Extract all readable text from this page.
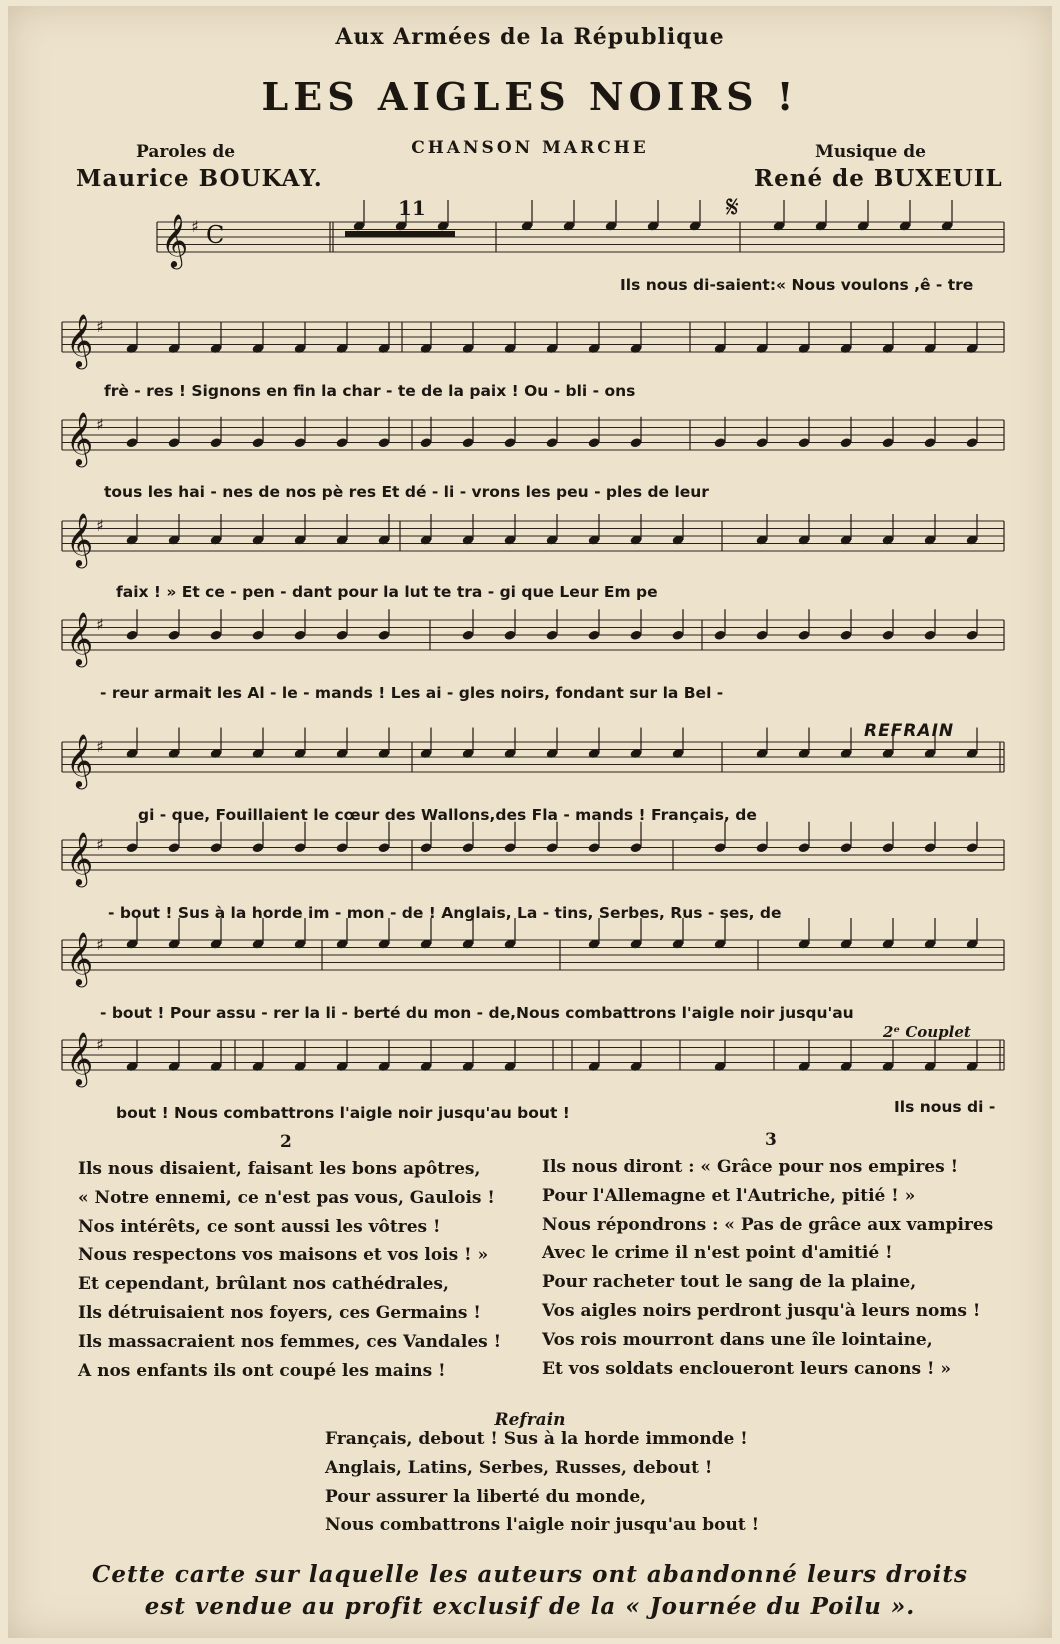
Aux Armées de la République
LES AIGLES NOIRS !
Paroles de
Maurice BOUKAY.
CHANSON MARCHE	Musique de
René de BUXEUIL
𝄞 ♯
𝄞 ♯
𝄞 ♯
𝄞 ♯
𝄞 ♯
𝄞 ♯
𝄞 ♯
𝄞 ♯
𝄞 ♯
C
11	𝄋
REFRAIN
2ᵉ Couplet
Ils nous di-saient:« Nous voulons ,ê - tre
frè - res ! Signons en fin la char - te de la paix ! Ou - bli - ons
tous les hai - nes de nos pè res Et dé - li - vrons les peu - ples de leur
faix ! » Et ce - pen - dant pour la lut te tra - gi que Leur Em pe
- reur armait les Al - le - mands ! Les ai - gles noirs, fondant sur la Bel -
gi - que, Fouillaient le cœur des Wallons,des Fla - mands ! Français, de
- bout ! Sus à la horde im - mon - de ! Anglais, La - tins, Serbes, Rus - ses, de
- bout ! Pour assu - rer la li - berté du mon - de,Nous combattrons l'aigle noir jusqu'au
bout ! Nous combattrons l'aigle noir jusqu'au bout !	Ils nous di -
2	3
Ils nous disaient, faisant les bons apôtres,
« Notre ennemi, ce n'est pas vous, Gaulois !
Nos intérêts, ce sont aussi les vôtres !
Nous respectons vos maisons et vos lois ! »
Et cependant, brûlant nos cathédrales,
Ils détruisaient nos foyers, ces Germains !
Ils massacraient nos femmes, ces Vandales !
A nos enfants ils ont coupé les mains !
Ils nous diront : « Grâce pour nos empires !
Pour l'Allemagne et l'Autriche, pitié ! »
Nous répondrons : « Pas de grâce aux vampires
Avec le crime il n'est point d'amitié !
Pour racheter tout le sang de la plaine,
Vos aigles noirs perdront jusqu'à leurs noms !
Vos rois mourront dans une île lointaine,
Et vos soldats encloueront leurs canons ! »
Refrain
Français, debout ! Sus à la horde immonde !
Anglais, Latins, Serbes, Russes, debout !
Pour assurer la liberté du monde,
Nous combattrons l'aigle noir jusqu'au bout !
Cette carte sur laquelle les auteurs ont abandonné leurs droits
est vendue au profit exclusif de la « Journée du Poilu ».
